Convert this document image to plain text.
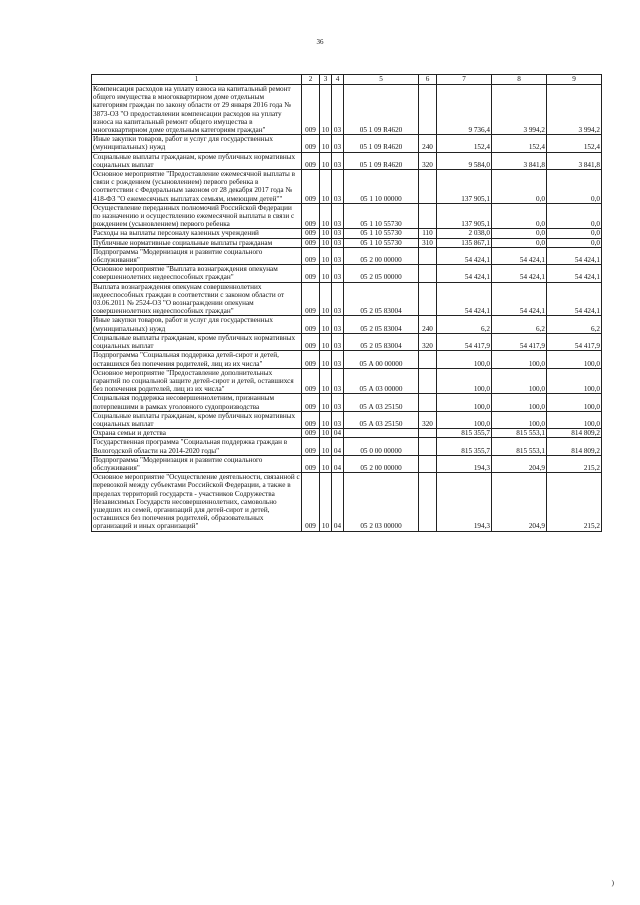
36
1	2	3	4	5	6	7	8	9
Компенсация расходов на уплату взноса на капитальный ремонт общего имущества в многоквартирном доме отдельным категориям граждан по закону области от 29 января 2016 года № 3873-ОЗ "О предоставлении компенсации расходов на уплату взноса на капитальный ремонт общего имущества в многоквартирном доме отдельным категориям граждан"	009	10	03	05 1 09 R4620		9 736,4	3 994,2	3 994,2
Иные закупки товаров, работ и услуг для государственных (муниципальных) нужд	009	10	03	05 1 09 R4620	240	152,4	152,4	152,4
Социальные выплаты гражданам, кроме публичных нормативных социальных выплат	009	10	03	05 1 09 R4620	320	9 584,0	3 841,8	3 841,8
Основное мероприятие "Предоставление ежемесячной выплаты в связи с рождением (усыновлением) первого ребенка в соответствии с Федеральным законом от 28 декабря 2017 года № 418-ФЗ "О ежемесячных выплатах семьям, имеющим детей""	009	10	03	05 1 10 00000		137 905,1	0,0	0,0
Осуществление переданных полномочий Российской Федерации по назначению и осуществлению ежемесячной выплаты в связи с рождением (усыновлением) первого ребенка	009	10	03	05 1 10 55730		137 905,1	0,0	0,0
Расходы на выплаты персоналу казенных учреждений	009	10	03	05 1 10 55730	110	2 038,0	0,0	0,0
Публичные нормативные социальные выплаты гражданам	009	10	03	05 1 10 55730	310	135 867,1	0,0	0,0
Подпрограмма "Модернизация и развитие социального обслуживания"	009	10	03	05 2 00 00000		54 424,1	54 424,1	54 424,1
Основное мероприятие "Выплата вознаграждения опекунам совершеннолетних недееспособных граждан"	009	10	03	05 2 05 00000		54 424,1	54 424,1	54 424,1
Выплата вознаграждения опекунам совершеннолетних недееспособных граждан в соответствии с законом области от 03.06.2011 № 2524-ОЗ "О вознаграждении опекунам совершеннолетних недееспособных граждан"	009	10	03	05 2 05 83004		54 424,1	54 424,1	54 424,1
Иные закупки товаров, работ и услуг для государственных (муниципальных) нужд	009	10	03	05 2 05 83004	240	6,2	6,2	6,2
Социальные выплаты гражданам, кроме публичных нормативных социальных выплат	009	10	03	05 2 05 83004	320	54 417,9	54 417,9	54 417,9
Подпрограмма "Социальная поддержка детей-сирот и детей, оставшихся без попечения родителей, лиц из их числа"	009	10	03	05 А 00 00000		100,0	100,0	100,0
Основное мероприятие "Предоставление дополнительных гарантий по социальной защите детей-сирот и детей, оставшихся без попечения родителей, лиц из их числа"	009	10	03	05 А 03 00000		100,0	100,0	100,0
Социальная поддержка несовершеннолетним, признанным потерпевшими в рамках уголовного судопроизводства	009	10	03	05 А 03 25150		100,0	100,0	100,0
Социальные выплаты гражданам, кроме публичных нормативных социальных выплат	009	10	03	05 А 03 25150	320	100,0	100,0	100,0
Охрана семьи и детства	009	10	04			815 355,7	815 553,1	814 809,2
Государственная программа "Социальная поддержка граждан в Вологодской области на 2014-2020 годы"	009	10	04	05 0 00 00000		815 355,7	815 553,1	814 809,2
Подпрограмма "Модернизация и развитие социального обслуживания"	009	10	04	05 2 00 00000		194,3	204,9	215,2
Основное мероприятие "Осуществление деятельности, связанной с перевозкой между субъектами Российской Федерации, а также в пределах территорий государств - участников Содружества Независимых Государств несовершеннолетних, самовольно ушедших из семей, организаций для детей-сирот и детей, оставшихся без попечения родителей, образовательных организаций и иных организаций"	009	10	04	05 2 03 00000		194,3	204,9	215,2
)
